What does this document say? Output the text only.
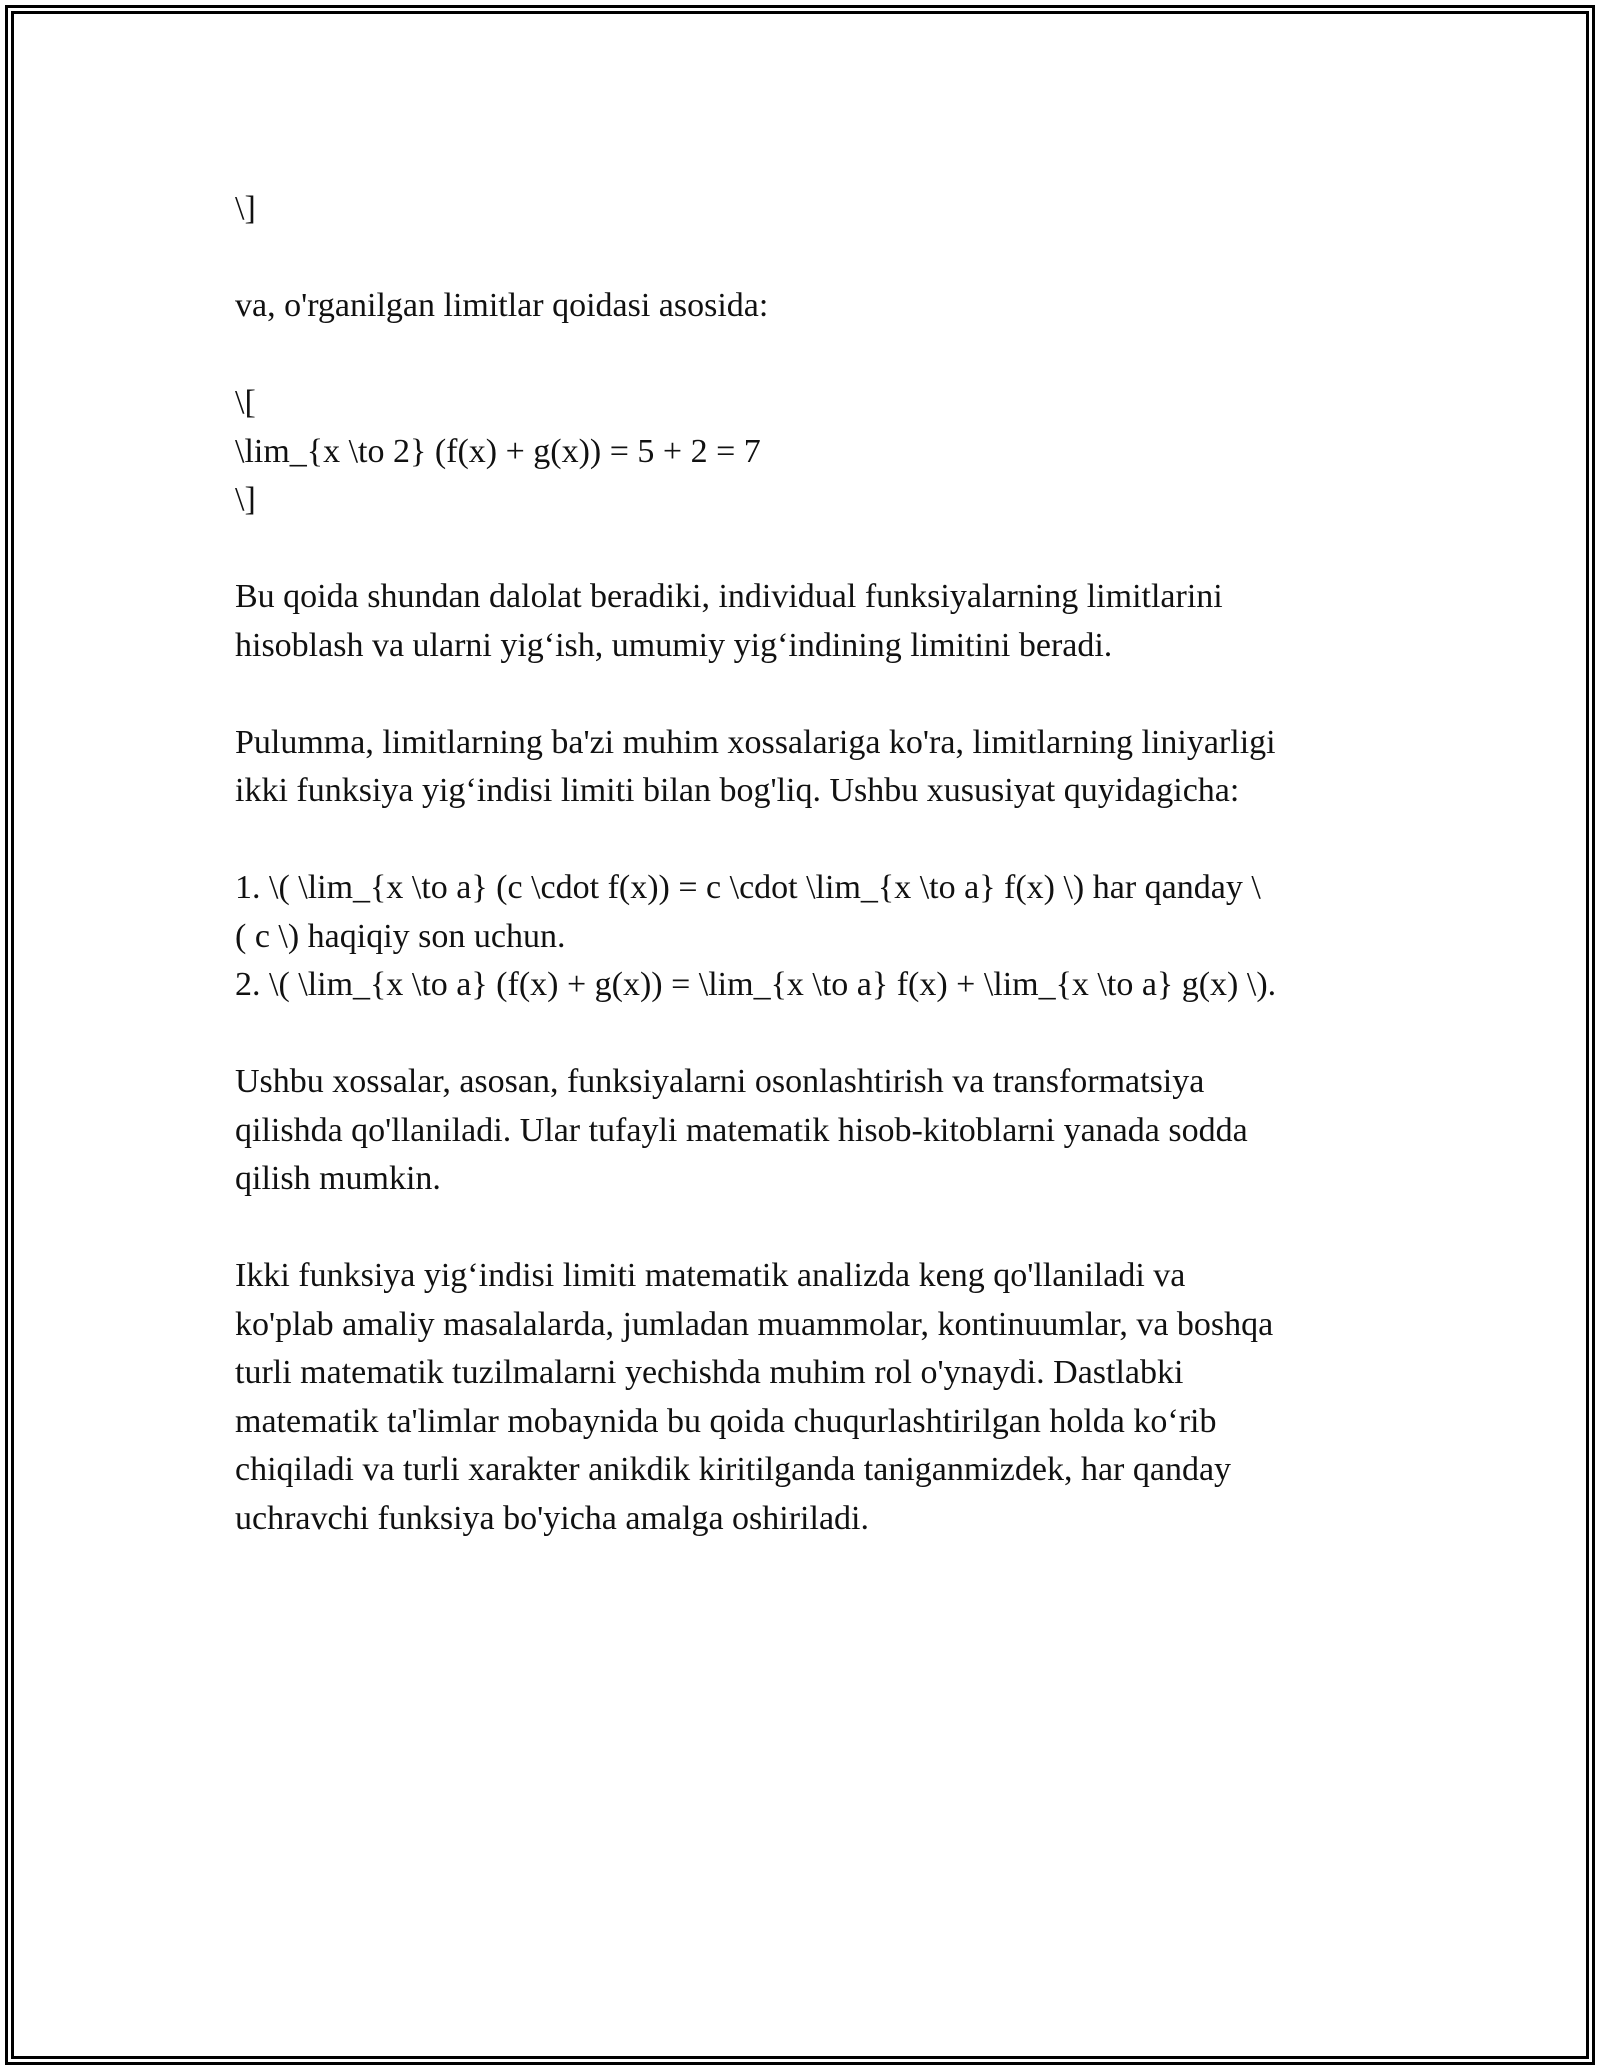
\]
va, o'rganilgan limitlar qoidasi asosida:
\[
\lim_{x \to 2} (f(x) + g(x)) = 5 + 2 = 7
\]
Bu qoida shundan dalolat beradiki, individual funksiyalarning limitlarini
hisoblash va ularni yig‘ish, umumiy yig‘indining limitini beradi.
Pulumma, limitlarning ba'zi muhim xossalariga ko'ra, limitlarning liniyarligi
ikki funksiya yig‘indisi limiti bilan bog'liq. Ushbu xususiyat quyidagicha:
1. \( \lim_{x \to a} (c \cdot f(x)) = c \cdot \lim_{x \to a} f(x) \) har qanday \
( c \) haqiqiy son uchun.
2. \( \lim_{x \to a} (f(x) + g(x)) = \lim_{x \to a} f(x) + \lim_{x \to a} g(x) \).
Ushbu xossalar, asosan, funksiyalarni osonlashtirish va transformatsiya
qilishda qo'llaniladi. Ular tufayli matematik hisob-kitoblarni yanada sodda
qilish mumkin.
Ikki funksiya yig‘indisi limiti matematik analizda keng qo'llaniladi va
ko'plab amaliy masalalarda, jumladan muammolar, kontinuumlar, va boshqa
turli matematik tuzilmalarni yechishda muhim rol o'ynaydi. Dastlabki
matematik ta'limlar mobaynida bu qoida chuqurlashtirilgan holda ko‘rib
chiqiladi va turli xarakter anikdik kiritilganda taniganmizdek, har qanday
uchravchi funksiya bo'yicha amalga oshiriladi.
